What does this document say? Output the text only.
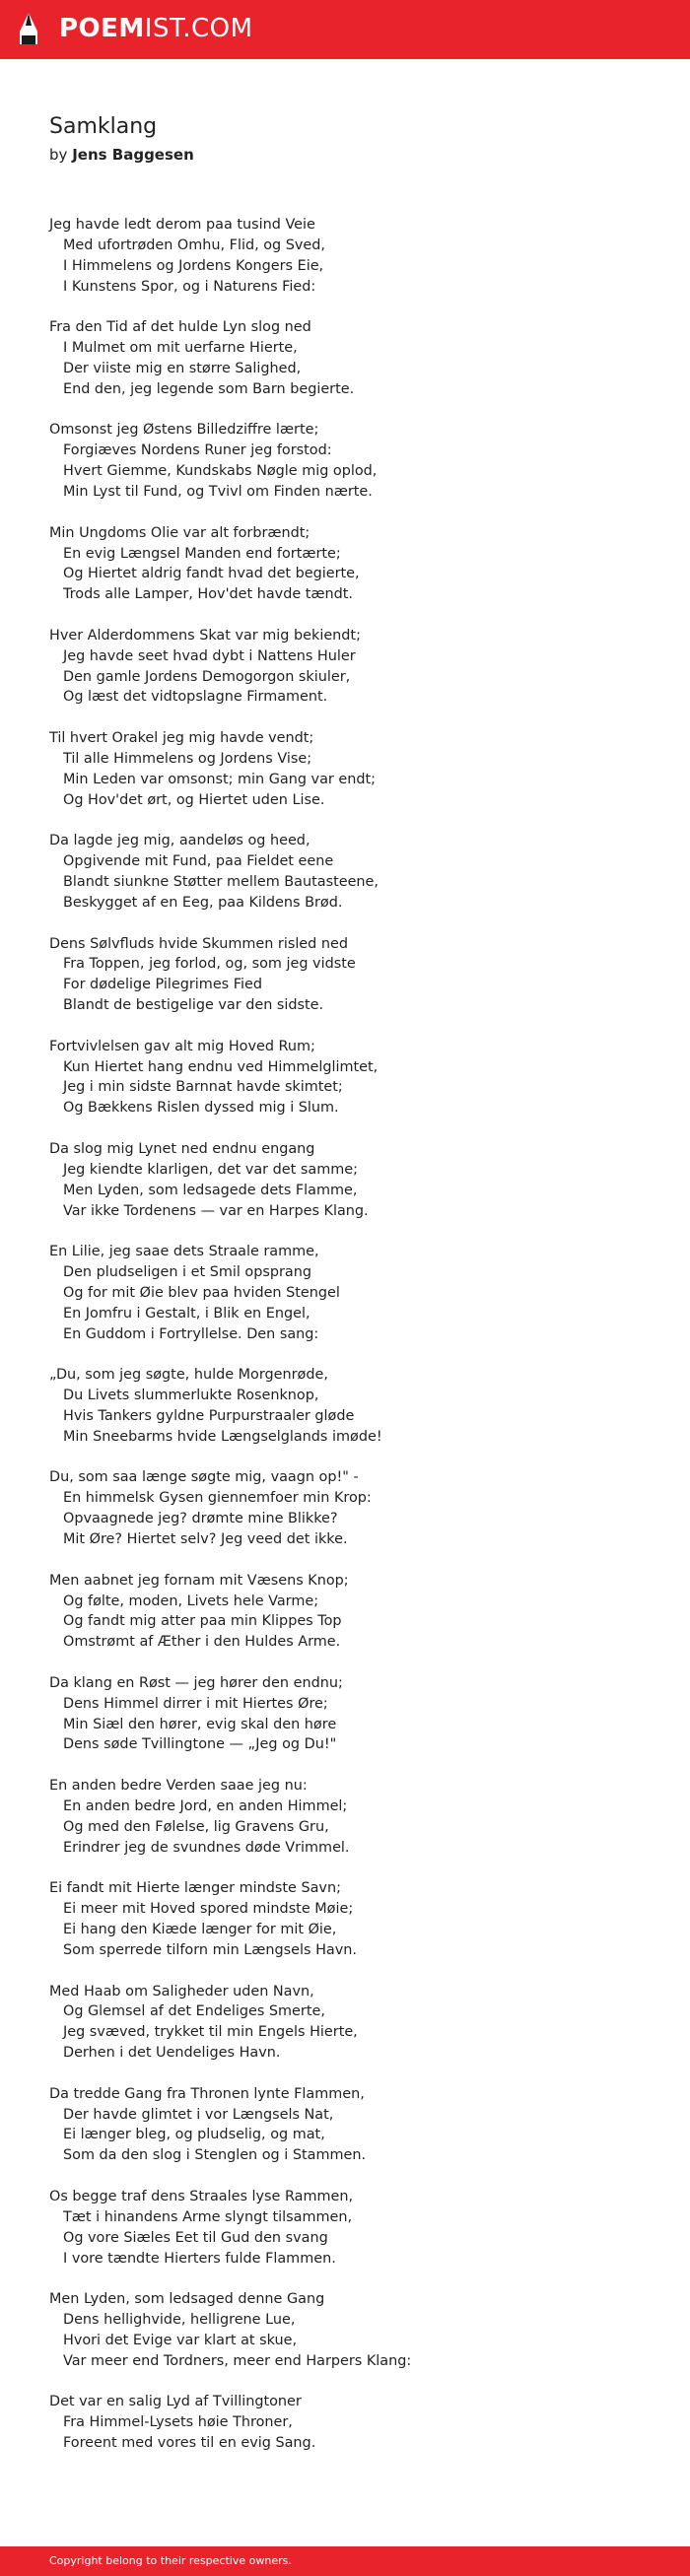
POEMIST.COM
Samklang
by Jens Baggesen
Jeg havde ledt derom paa tusind Veie
Med ufortrøden Omhu, Flid, og Sved,
I Himmelens og Jordens Kongers Eie,
I Kunstens Spor, og i Naturens Fied:
Fra den Tid af det hulde Lyn slog ned
I Mulmet om mit uerfarne Hierte,
Der viiste mig en større Salighed,
End den, jeg legende som Barn begierte.
Omsonst jeg Østens Billedziffre lærte;
Forgiæves Nordens Runer jeg forstod:
Hvert Giemme, Kundskabs Nøgle mig oplod,
Min Lyst til Fund, og Tvivl om Finden nærte.
Min Ungdoms Olie var alt forbrændt;
En evig Længsel Manden end fortærte;
Og Hiertet aldrig fandt hvad det begierte,
Trods alle Lamper, Hov'det havde tændt.
Hver Alderdommens Skat var mig bekiendt;
Jeg havde seet hvad dybt i Nattens Huler
Den gamle Jordens Demogorgon skiuler,
Og læst det vidtopslagne Firmament.
Til hvert Orakel jeg mig havde vendt;
Til alle Himmelens og Jordens Vise;
Min Leden var omsonst; min Gang var endt;
Og Hov'det ørt, og Hiertet uden Lise.
Da lagde jeg mig, aandeløs og heed,
Opgivende mit Fund, paa Fieldet eene
Blandt siunkne Støtter mellem Bautasteene,
Beskygget af en Eeg, paa Kildens Brød.
Dens Sølvfluds hvide Skummen risled ned
Fra Toppen, jeg forlod, og, som jeg vidste
For dødelige Pilegrimes Fied
Blandt de bestigelige var den sidste.
Fortvivlelsen gav alt mig Hoved Rum;
Kun Hiertet hang endnu ved Himmelglimtet,
Jeg i min sidste Barnnat havde skimtet;
Og Bækkens Rislen dyssed mig i Slum.
Da slog mig Lynet ned endnu engang
Jeg kiendte klarligen, det var det samme;
Men Lyden, som ledsagede dets Flamme,
Var ikke Tordenens — var en Harpes Klang.
En Lilie, jeg saae dets Straale ramme,
Den pludseligen i et Smil opsprang
Og for mit Øie blev paa hviden Stengel
En Jomfru i Gestalt, i Blik en Engel,
En Guddom i Fortryllelse. Den sang:
„Du, som jeg søgte, hulde Morgenrøde,
Du Livets slummerlukte Rosenknop,
Hvis Tankers gyldne Purpurstraaler gløde
Min Sneebarms hvide Længselglands imøde!
Du, som saa længe søgte mig, vaagn op!" -
En himmelsk Gysen giennemfoer min Krop:
Opvaagnede jeg? drømte mine Blikke?
Mit Øre? Hiertet selv? Jeg veed det ikke.
Men aabnet jeg fornam mit Væsens Knop;
Og følte, moden, Livets hele Varme;
Og fandt mig atter paa min Klippes Top
Omstrømt af Æther i den Huldes Arme.
Da klang en Røst — jeg hører den endnu;
Dens Himmel dirrer i mit Hiertes Øre;
Min Siæl den hører, evig skal den høre
Dens søde Tvillingtone — „Jeg og Du!"
En anden bedre Verden saae jeg nu:
En anden bedre Jord, en anden Himmel;
Og med den Følelse, lig Gravens Gru,
Erindrer jeg de svundnes døde Vrimmel.
Ei fandt mit Hierte længer mindste Savn;
Ei meer mit Hoved spored mindste Møie;
Ei hang den Kiæde længer for mit Øie,
Som sperrede tilforn min Længsels Havn.
Med Haab om Saligheder uden Navn,
Og Glemsel af det Endeliges Smerte,
Jeg svæved, trykket til min Engels Hierte,
Derhen i det Uendeliges Havn.
Da tredde Gang fra Thronen lynte Flammen,
Der havde glimtet i vor Længsels Nat,
Ei længer bleg, og pludselig, og mat,
Som da den slog i Stenglen og i Stammen.
Os begge traf dens Straales lyse Rammen,
Tæt i hinandens Arme slyngt tilsammen,
Og vore Siæles Eet til Gud den svang
I vore tændte Hierters fulde Flammen.
Men Lyden, som ledsaged denne Gang
Dens hellighvide, helligrene Lue,
Hvori det Evige var klart at skue,
Var meer end Tordners, meer end Harpers Klang:
Det var en salig Lyd af Tvillingtoner
Fra Himmel-Lysets høie Throner,
Foreent med vores til en evig Sang.
Copyright belong to their respective owners.
